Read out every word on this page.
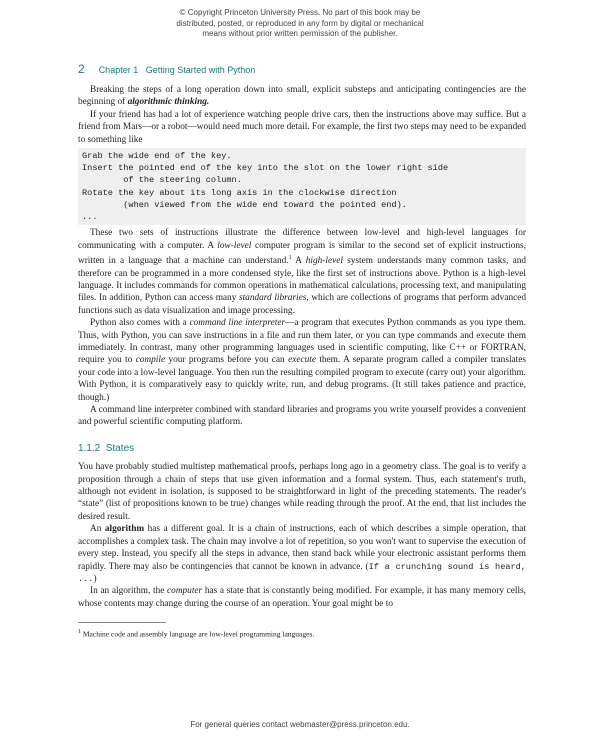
© Copyright Princeton University Press. No part of this book may be
distributed, posted, or reproduced in any form by digital or mechanical
means without prior written permission of the publisher.
2 Chapter 1   Getting Started with Python

Breaking the steps of a long operation down into small, explicit substeps and anticipating contingencies are the beginning of algorithmic thinking.

If your friend has had a lot of experience watching people drive cars, then the instructions above may suffice. But a friend from Mars—or a robot—would need much more detail. For example, the first two steps may need to be expanded to something like

Grab the wide end of the key.
Insert the pointed end of the key into the slot on the lower right side
of the steering column.
Rotate the key about its long axis in the clockwise direction
(when viewed from the wide end toward the pointed end).
...

These two sets of instructions illustrate the difference between low-level and high-level languages for communicating with a computer. A low-level computer program is similar to the second set of explicit instructions, written in a language that a machine can understand.$^1$ A high-level system understands many common tasks, and therefore can be programmed in a more condensed style, like the first set of instructions above. Python is a high-level language. It includes commands for common operations in mathematical calculations, processing text, and manipulating files. In addition, Python can access many standard libraries, which are collections of programs that perform advanced functions such as data visualization and image processing.

Python also comes with a command line interpreter—a program that executes Python commands as you type them. Thus, with Python, you can save instructions in a file and run them later, or you can type commands and execute them immediately. In contrast, many other programming languages used in scientific computing, like C++ or FORTRAN, require you to compile your programs before you can execute them. A separate program called a compiler translates your code into a low-level language. You then run the resulting compiled program to execute (carry out) your algorithm. With Python, it is comparatively easy to quickly write, run, and debug programs. (It still takes patience and practice, though.)

A command line interpreter combined with standard libraries and programs you write yourself provides a convenient and powerful scientific computing platform.

1.1.2  States

You have probably studied multistep mathematical proofs, perhaps long ago in a geometry class. The goal is to verify a proposition through a chain of steps that use given information and a formal system. Thus, each statement's truth, although not evident in isolation, is supposed to be straightforward in light of the preceding statements. The reader's “state” (list of propositions known to be true) changes while reading through the proof. At the end, that list includes the desired result.

An algorithm has a different goal. It is a chain of instructions, each of which describes a simple operation, that accomplishes a complex task. The chain may involve a lot of repetition, so you won't want to supervise the execution of every step. Instead, you specify all the steps in advance, then stand back while your electronic assistant performs them rapidly. There may also be contingencies that cannot be known in advance. (If a crunching sound is heard, ...)

In an algorithm, the computer has a state that is constantly being modified. For example, it has many memory cells, whose contents may change during the course of an operation. Your goal might be to

$^1$ Machine code and assembly language are low-level programming languages.
For general queries contact webmaster@press.princeton.edu.
